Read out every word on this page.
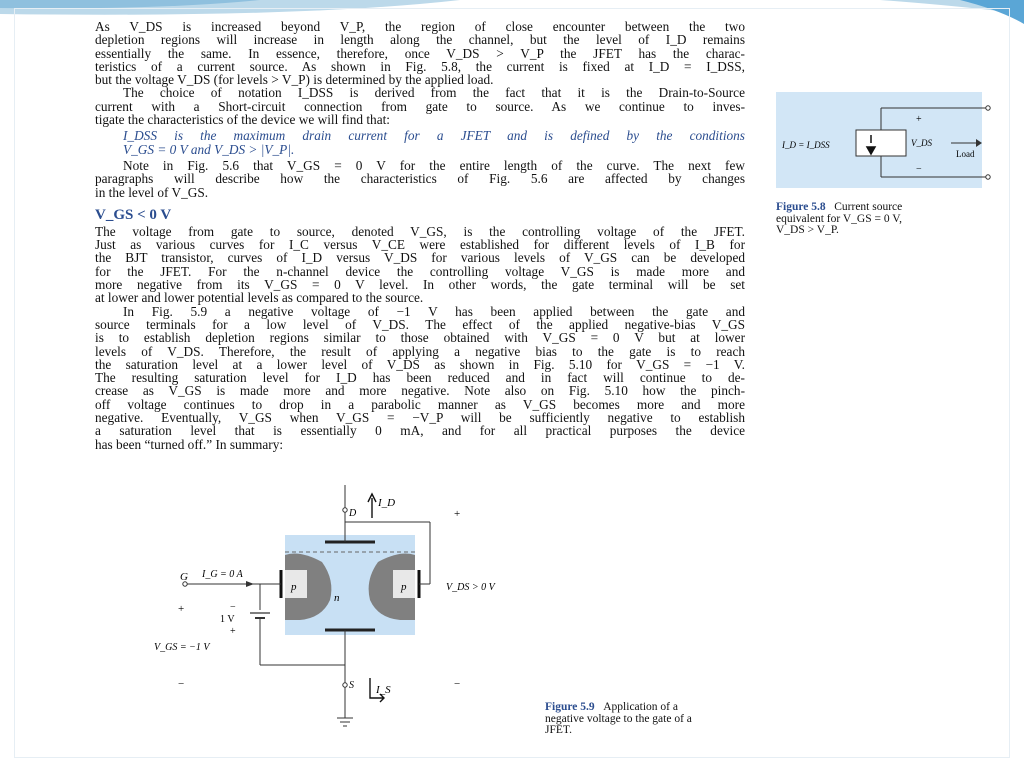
As V_DS is increased beyond V_P, the region of close encounter between the two
depletion regions will increase in length along the channel, but the level of I_D remains
essentially the same. In essence, therefore, once V_DS > V_P the JFET has the charac-
teristics of a current source. As shown in Fig. 5.8, the current is fixed at I_D = I_DSS,
but the voltage V_DS (for levels > V_P) is determined by the applied load.
The choice of notation I_DSS is derived from the fact that it is the Drain-to-Source
current with a Short-circuit connection from gate to source. As we continue to inves-
tigate the characteristics of the device we will find that:
I_DSS is the maximum drain current for a JFET and is defined by the conditions
V_GS = 0 V and V_DS > |V_P|.
Note in Fig. 5.6 that V_GS = 0 V for the entire length of the curve. The next few
paragraphs will describe how the characteristics of Fig. 5.6 are affected by changes
in the level of V_GS.
V_GS < 0 V
The voltage from gate to source, denoted V_GS, is the controlling voltage of the JFET.
Just as various curves for I_C versus V_CE were established for different levels of I_B for
the BJT transistor, curves of I_D versus V_DS for various levels of V_GS can be developed
for the JFET. For the n-channel device the controlling voltage V_GS is made more and
more negative from its V_GS = 0 V level. In other words, the gate terminal will be set
at lower and lower potential levels as compared to the source.
In Fig. 5.9 a negative voltage of −1 V has been applied between the gate and
source terminals for a low level of V_DS. The effect of the applied negative-bias V_GS
is to establish depletion regions similar to those obtained with V_GS = 0 V but at lower
levels of V_DS. Therefore, the result of applying a negative bias to the gate is to reach
the saturation level at a lower level of V_DS as shown in Fig. 5.10 for V_GS = −1 V.
The resulting saturation level for I_D has been reduced and in fact will continue to de-
crease as V_GS is made more and more negative. Note also on Fig. 5.10 how the pinch-
off voltage continues to drop in a parabolic manner as V_GS becomes more and more
negative. Eventually, V_GS when V_GS = −V_P will be sufficiently negative to establish
a saturation level that is essentially 0 mA, and for all practical purposes the device
has been “turned off.” In summary:
I_D = I_DSS	V_DS
Load
+
−
Figure 5.8 Current source
equivalent for V_GS = 0 V,
V_DS > V_P.
I_D
D	+
G I_G = 0 A
p	p
n
V_DS > 0 V
+	−
1 V
+
V_GS = −1 V
−	S I_S	−
Figure 5.9 Application of a
negative voltage to the gate of a
JFET.
